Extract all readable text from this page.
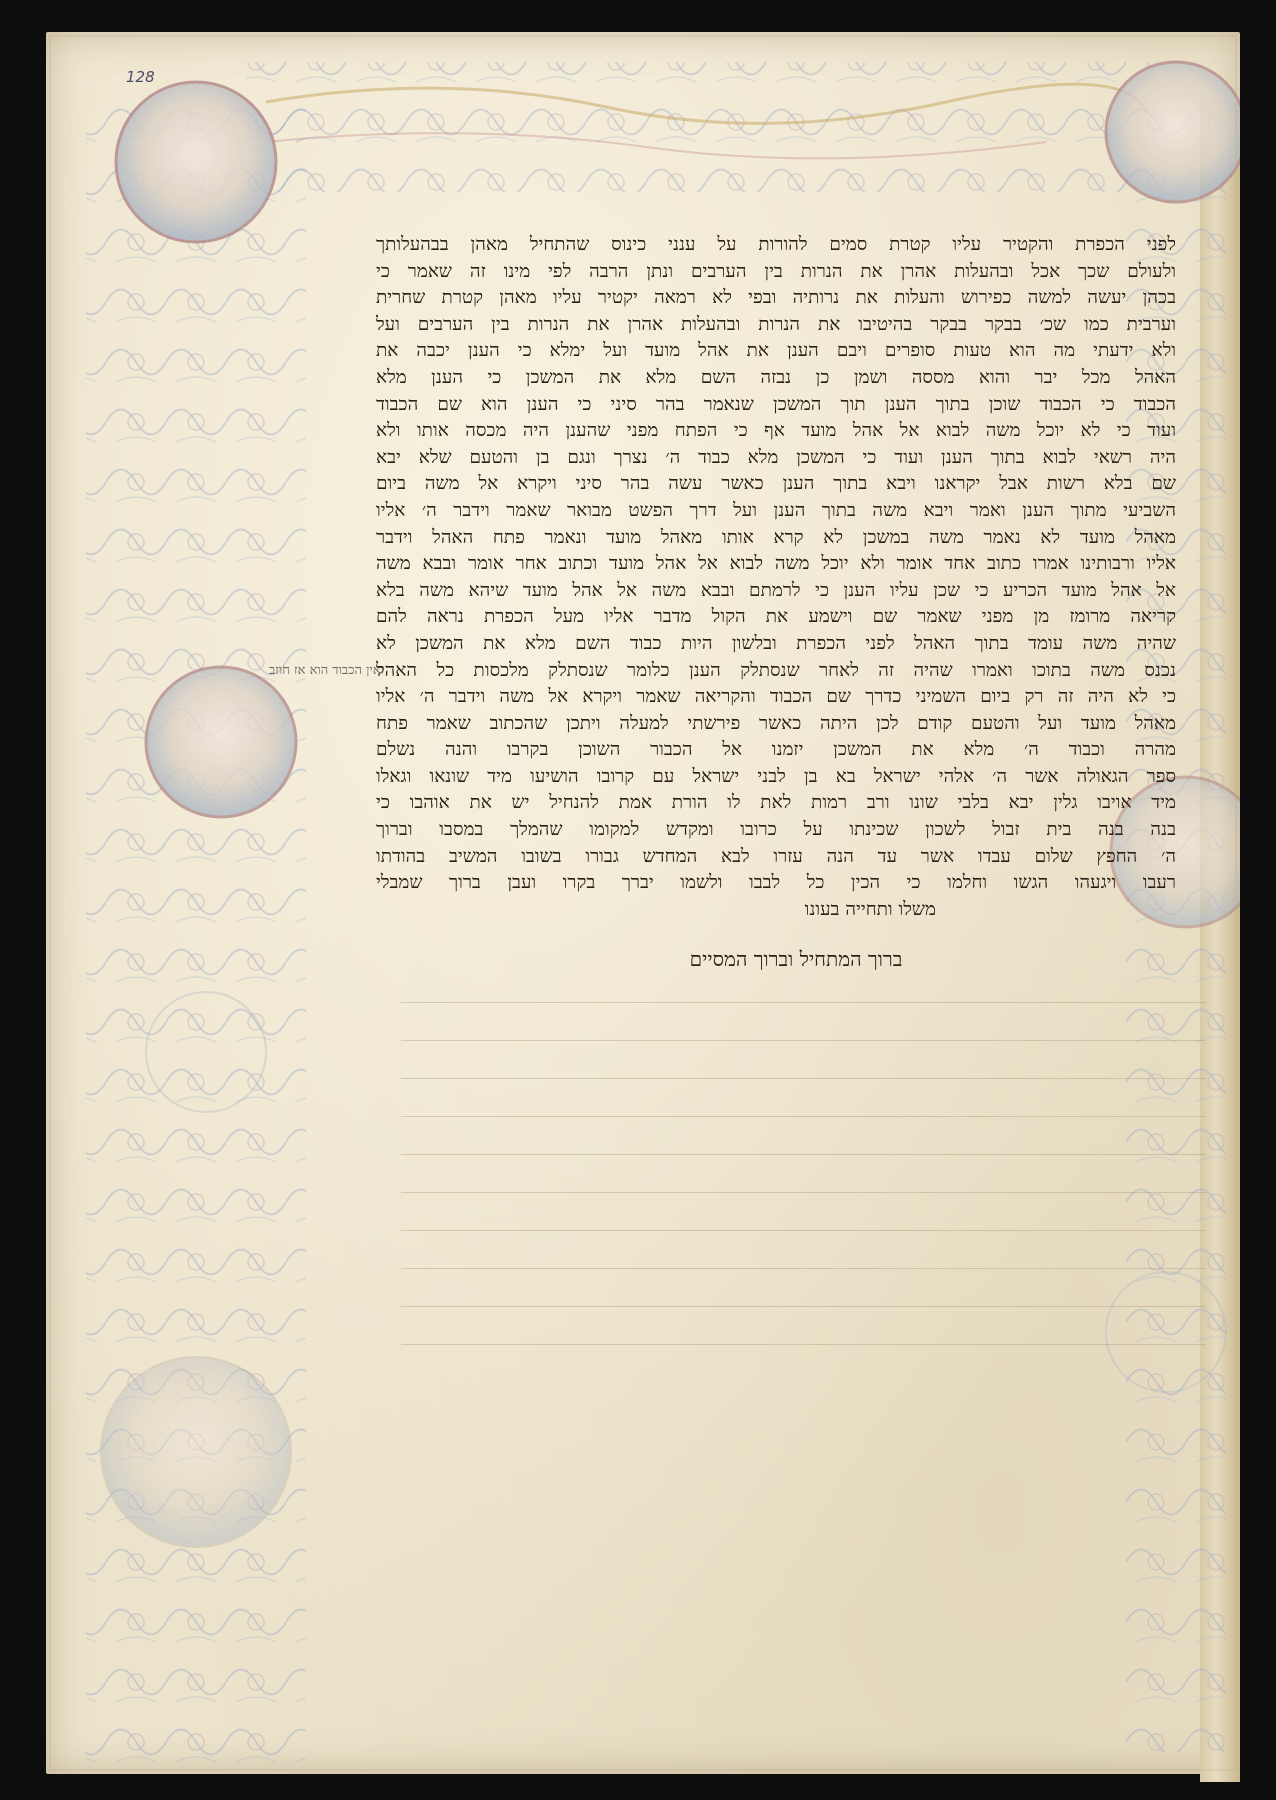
128
ואין הכבוד הוא אז חוזב
לפני הכפרת והקטיר עליו קטרת סמים להורות על ענני כינוס שהתחיל מאהן בבהעלותך
ולעולם שכך אכל ובהעלות אהרן את הנרות בין הערבים ונתן הרבה לפי מינו זה שאמר כי
בכהן יעשה למשה כפירוש והעלות את נרותיה ובפי לא רמאה יקטיר עליו מאהן קטרת שחרית
וערבית כמו שכ׳ בבקר בבקר בהיטיבו את הנרות ובהעלות אהרן את הנרות בין הערבים ועל
ולא ידעתי מה הוא טעות סופרים ויבם הענן את אהל מועד ועל ימלא כי הענן יכבה את
האהל מכל יבר והוא מססה ושמן כן נבזה השם מלא את המשכן כי הענן מלא
הכבוד כי הכבוד שוכן בתוך הענן תוך המשכן שנאמר בהר סיני כי הענן הוא שם הכבוד
ועוד כי לא יוכל משה לבוא אל אהל מועד אף כי הפתח מפני שהענן היה מכסה אותו ולא
היה רשאי לבוא בתוך הענן ועוד כי המשכן מלא כבוד ה׳ נצרך ונגם בן והטעם שלא יבא
שם בלא רשות אבל יקראנו ויבא בתוך הענן כאשר עשה בהר סיני ויקרא אל משה ביום
השביעי מתוך הענן ואמר ויבא משה בתוך הענן ועל דרך הפשט מבואר שאמר וידבר ה׳ אליו
מאהל מועד לא נאמר משה במשכן לא קרא אותו מאהל מועד ונאמר פתח האהל וידבר
אליו ורבותינו אמרו כתוב אחד אומר ולא יוכל משה לבוא אל אהל מועד וכתוב אחר אומר ובבא משה
אל אהל מועד הכריע כי שכן עליו הענן כי לרמתם ובבא משה אל אהל מועד שיהא משה בלא
קריאה מרומז מן מפני שאמר שם וישמע את הקול מדבר אליו מעל הכפרת נראה להם
שהיה משה עומד בתוך האהל לפני הכפרת ובלשון היות כבוד השם מלא את המשכן לא
נכנס משה בתוכו ואמרו שהיה זה לאחר שנסתלק הענן כלומר שנסתלק מלכסות כל האהל
כי לא היה זה רק ביום השמיני כדרך שם הכבוד והקריאה שאמר ויקרא אל משה וידבר ה׳ אליו
מאהל מועד ועל והטעם קודם לכן היתה כאשר פירשתי למעלה ויתכן שהכתוב שאמר פתח
מהרה וכבוד ה׳ מלא את המשכן יזמנו אל הכבור השוכן בקרבו והנה נשלם
ספר הגאולה אשר ה׳ אלהי ישראל בא בן לבני ישראל עם קרובו הושיעו מיד שונאו וגאלו
מיד אויבו גלין יבא בלבי שונו ורב רמות לאת לו הורת אמת להנחיל יש את אוהבו כי
בנה בנה בית זבול לשכון שכינתו על כרובו ומקדש למקומו שהמלך במסבו וברוך
ה׳ החפץ שלום עבדו אשר עד הנה עזרו לבא המחדש גבורו בשובו המשיב בהודתו
רעבו ויגעהו הגשו וחלמו כי הכין כל לבבו ולשמו יברך בקרו ועבן ברוך שמבלי
משלו ותחייה בעונו
ברוך המתחיל וברוך המסיים
